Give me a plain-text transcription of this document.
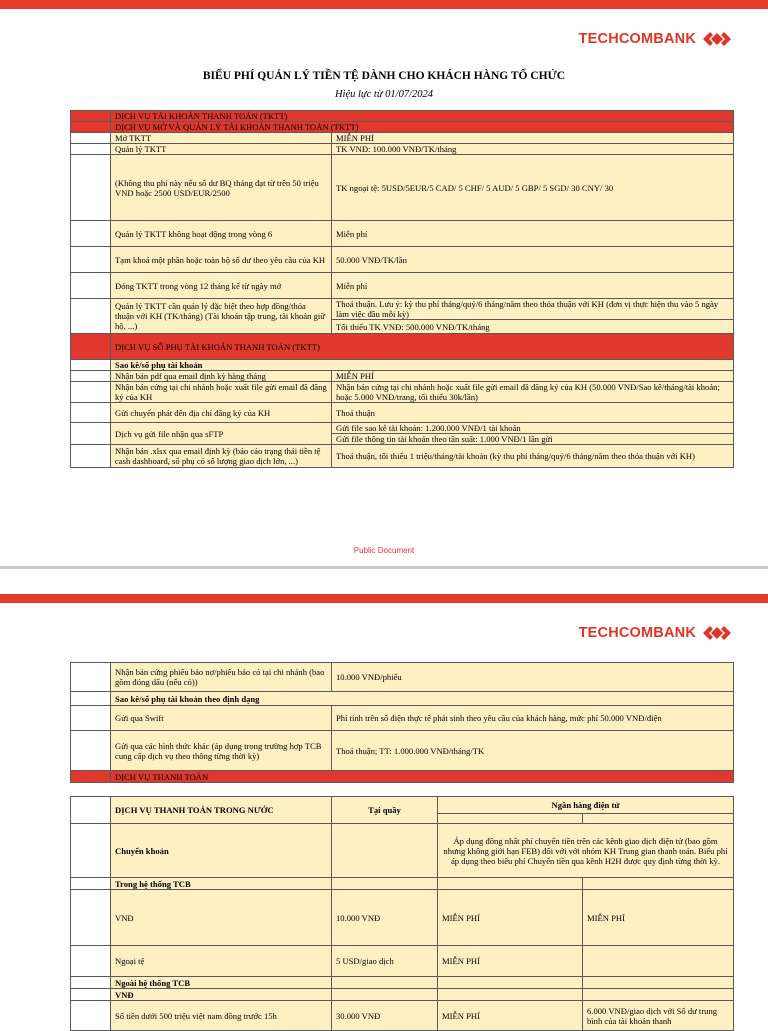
TECHCOMBANK
BIỂU PHÍ QUẢN LÝ TIỀN TỆ DÀNH CHO KHÁCH HÀNG TỔ CHỨC
Hiệu lực từ 01/07/2024
	DỊCH VỤ TÀI KHOẢN THANH TOÁN (TKTT)	
	DỊCH VỤ MỞ VÀ QUẢN LÝ TÀI KHOẢN THANH TOÁN (TKTT)	
	Mở TKTT	MIỄN PHÍ
	Quản lý TKTT	TK VNĐ: 100.000 VNĐ/TK/tháng
	(Không thu phí này nếu số dư BQ tháng đạt từ trên 50 triệu VND hoặc 2500 USD/EUR/2500	TK ngoại tệ: 5USD/5EUR/5 CAD/ 5 CHF/ 5 AUD/ 5 GBP/ 5 SGD/ 30 CNY/ 30
	Quản lý TKTT không hoạt động trong vòng 6	Miễn phí
	Tạm khoá một phần hoặc toàn bộ số dư theo yêu cầu của KH	50.000 VNĐ/TK/lần
	Đóng TKTT trong vòng 12 tháng kể từ ngày mở	Miễn phí
	Quản lý TKTT cần quản lý đặc biệt theo hợp đồng/thỏa thuận với KH (TK/tháng) (Tài khoản tập trung, tài khoản giữ hộ, ...)	Thoả thuận. Lưu ý: kỳ thu phí tháng/quý/6 tháng/năm theo thỏa thuận với KH (đơn vị thực hiện thu vào 5 ngày làm việc đầu mỗi kỳ)
		Tối thiểu TK VNĐ: 500.000 VNĐ/TK/tháng
	DỊCH VỤ SỔ PHỤ TÀI KHOẢN THANH TOÁN (TKTT)	
	Sao kê/sổ phụ tài khoản	
	Nhận bản pdf qua email định kỳ hàng tháng	MIỄN PHÍ
	Nhận bản cứng tại chi nhánh hoặc xuất file gửi email đã đăng ký của KH	Nhận bản cứng tại chi nhánh hoặc xuất file gửi email đã đăng ký của KH (50.000 VNĐ/Sao kê/tháng/tài khoản; hoặc 5.000 VNĐ/trang, tối thiểu 30k/lần)
	Gửi chuyển phát đến địa chỉ đăng ký của KH	Thoả thuận
	Dịch vụ gửi file nhận qua sFTP	Gửi file sao kê tài khoản: 1.200.000 VNĐ/1 tài khoản
		Gửi file thông tin tài khoản theo tần suất: 1.000 VNĐ/1 lần gửi
	Nhận bản .xlsx qua email định kỳ (báo cáo trạng thái tiền tệ cash dashboard, sổ phụ có số lượng giao dịch lớn, ...)	Thoả thuận, tối thiểu 1 triệu/tháng/tài khoản (kỳ thu phí tháng/quý/6 tháng/năm theo thỏa thuận với KH)
Public Document
TECHCOMBANK
	Nhận bản cứng phiếu báo nợ/phiếu báo có tại chi nhánh (bao gồm đóng dấu (nếu có))	10.000 VNĐ/phiếu
	Sao kê/sổ phụ tài khoản theo định dạng	
	Gửi qua Swift	Phí tính trên số điện thực tế phát sinh theo yêu cầu của khách hàng, mức phí 50.000 VNĐ/điện
	Gửi qua các hình thức khác (áp dụng trong trường hợp TCB cung cấp dịch vụ theo thông từng thời kỳ)	Thoả thuận; TT: 1.000.000 VNĐ/tháng/TK
	DỊCH VỤ THANH TOÁN	
	DỊCH VỤ THANH TOÁN TRONG NƯỚC	Tại quầy	Ngân hàng điện tử	

	Chuyển khoản		Áp dụng đồng nhất phí chuyển tiền trên các kênh giao dịch điện tử (bao gồm nhưng không giới hạn FEB) đối với với nhóm KH Trung gian thanh toán. Biểu phí áp dụng theo biểu phí Chuyển tiền qua kênh H2H được quy định từng thời kỳ.	
	Trong hệ thống TCB			
	VNĐ	10.000 VNĐ	MIỄN PHÍ	MIỄN PHÍ
	Ngoại tệ	5 USD/giao dịch	MIỄN PHÍ	
	Ngoài hệ thống TCB			
	VNĐ			
	Số tiền dưới 500 triệu việt nam đồng trước 15h	30.000 VNĐ	MIỄN PHÍ	6.000 VNĐ/giao dịch với Số dư trung bình của tài khoản thanh
